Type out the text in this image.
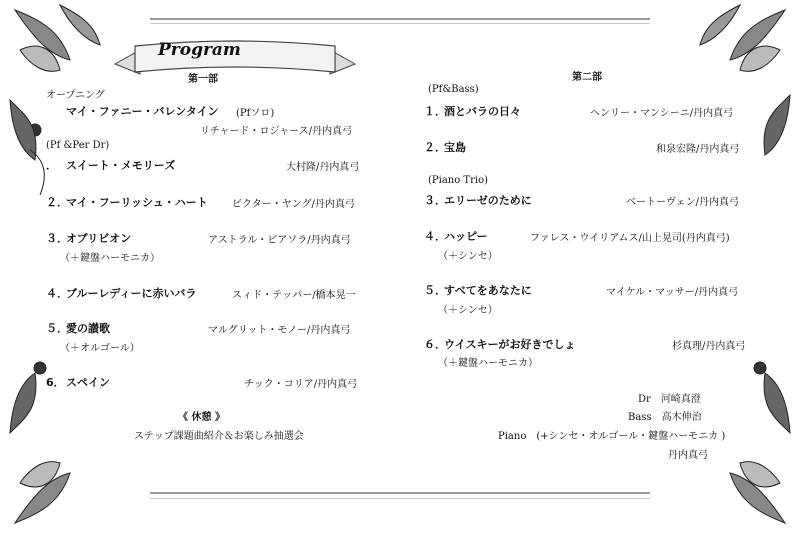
Program
第一部
オープニング
マイ・ファニー・バレンタイン (Pfソロ)
リチャード・ロジャース/丹内真弓
(Pf &Per Dr)
． スイート・メモリーズ	大村隆/丹内真弓
２．
マイ・フーリッシュ・ハート ビクター・ヤング/丹内真弓
３．
オブリビオン	アストラル・ピアソラ/丹内真弓
（＋鍵盤ハーモニカ）
４．
ブルーレディーに赤いバラ	スィド・テッパー/橋本晃一
５．
愛の讃歌	マルグリット・モノー/丹内真弓
（＋オルゴール）
6． スペイン	チック・コリア/丹内真弓
《 休憩 》
ステップ課題曲紹介＆お楽しみ抽選会
第二部
(Pf&Bass)
１．
酒とバラの日々	ヘンリー・マンシーニ/丹内真弓
２．
宝島	和泉宏隆/丹内真弓
(Piano Trio)
３．
エリーゼのために	ベートーヴェン/丹内真弓
４．
ハッピー	ファレス・ウイリアムス/山上晃司(丹内真弓)
（＋シンセ）
５．
すべてをあなたに	マイケル・マッサー/丹内真弓
（＋シンセ）
６．
ウイスキーがお好きでしょ	杉真理/丹内真弓
（＋鍵盤ハーモニカ）
Dr　河崎真澄
Bass　高木伸治
Piano　(+シンセ・オルゴール・鍵盤ハーモニカ )
丹内真弓
